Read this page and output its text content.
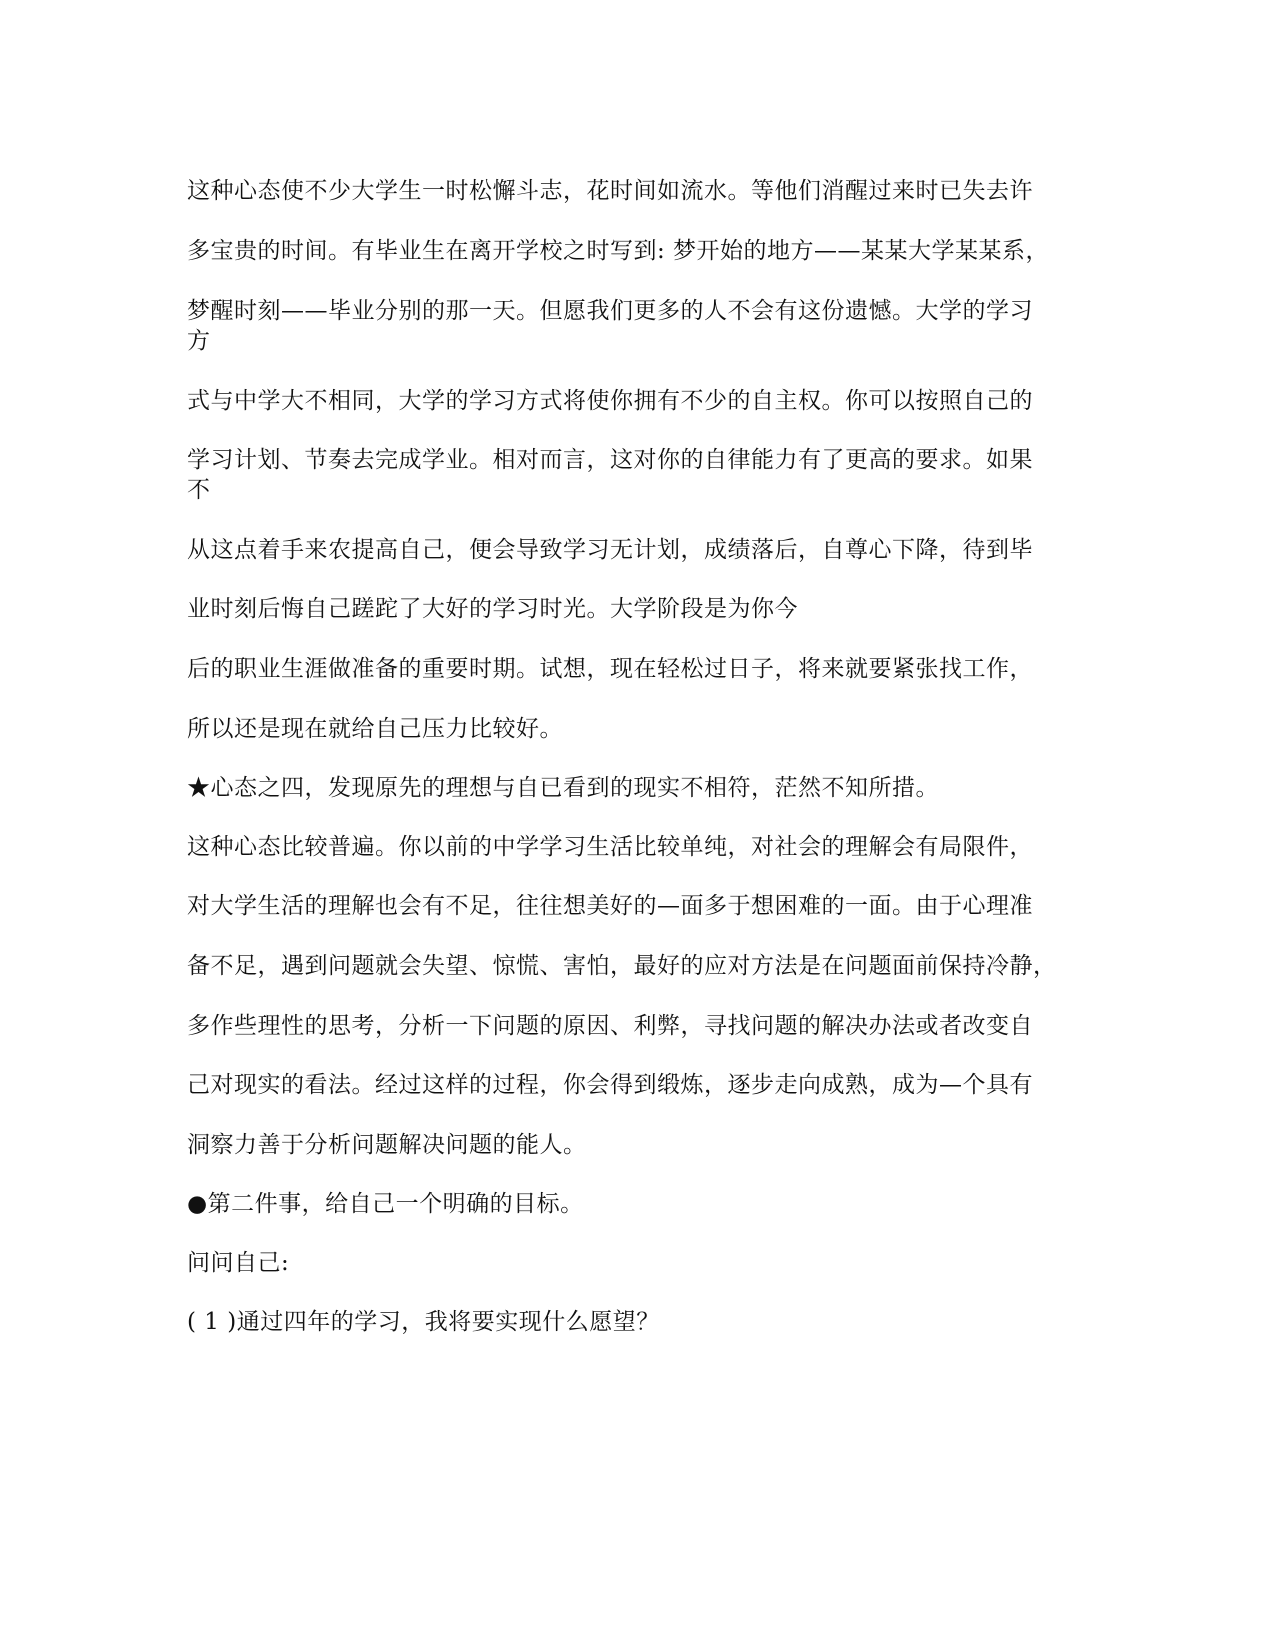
这种心态使不少大学生一时松懈斗志，花时间如流水。等他们消醒过来时已失去许
多宝贵的时间。有毕业生在离开学校之时写到: 梦开始的地方——某某大学某某系，
梦醒时刻——毕业分别的那一天。但愿我们更多的人不会有这份遗憾。大学的学习
方
式与中学大不相同，大学的学习方式将使你拥有不少的自主权。你可以按照自己的
学习计划、节奏去完成学业。相对而言，这对你的自律能力有了更高的要求。如果
不
从这点着手来农提高自己，便会导致学习无计划，成绩落后，自尊心下降，待到毕
业时刻后悔自己蹉跎了大好的学习时光。大学阶段是为你今
后的职业生涯做准备的重要时期。试想，现在轻松过日子，将来就要紧张找工作，
所以还是现在就给自己压力比较好。
★心态之四，发现原先的理想与自已看到的现实不相符，茫然不知所措。
这种心态比较普遍。你以前的中学学习生活比较单纯，对社会的理解会有局限件，
对大学生活的理解也会有不足，往往想美好的—面多于想困难的一面。由于心理准
备不足，遇到问题就会失望、惊慌、害怕，最好的应对方法是在问题面前保持冷静，
多作些理性的思考，分析一下问题的原因、利弊，寻找问题的解决办法或者改变自
己对现实的看法。经过这样的过程，你会得到缎炼，逐步走向成熟，成为—个具有
洞察力善于分析问题解决问题的能人。
●第二件事，给自己一个明确的目标。
问问自己:
( 1 )通过四年的学习，我将要实现什么愿望？
